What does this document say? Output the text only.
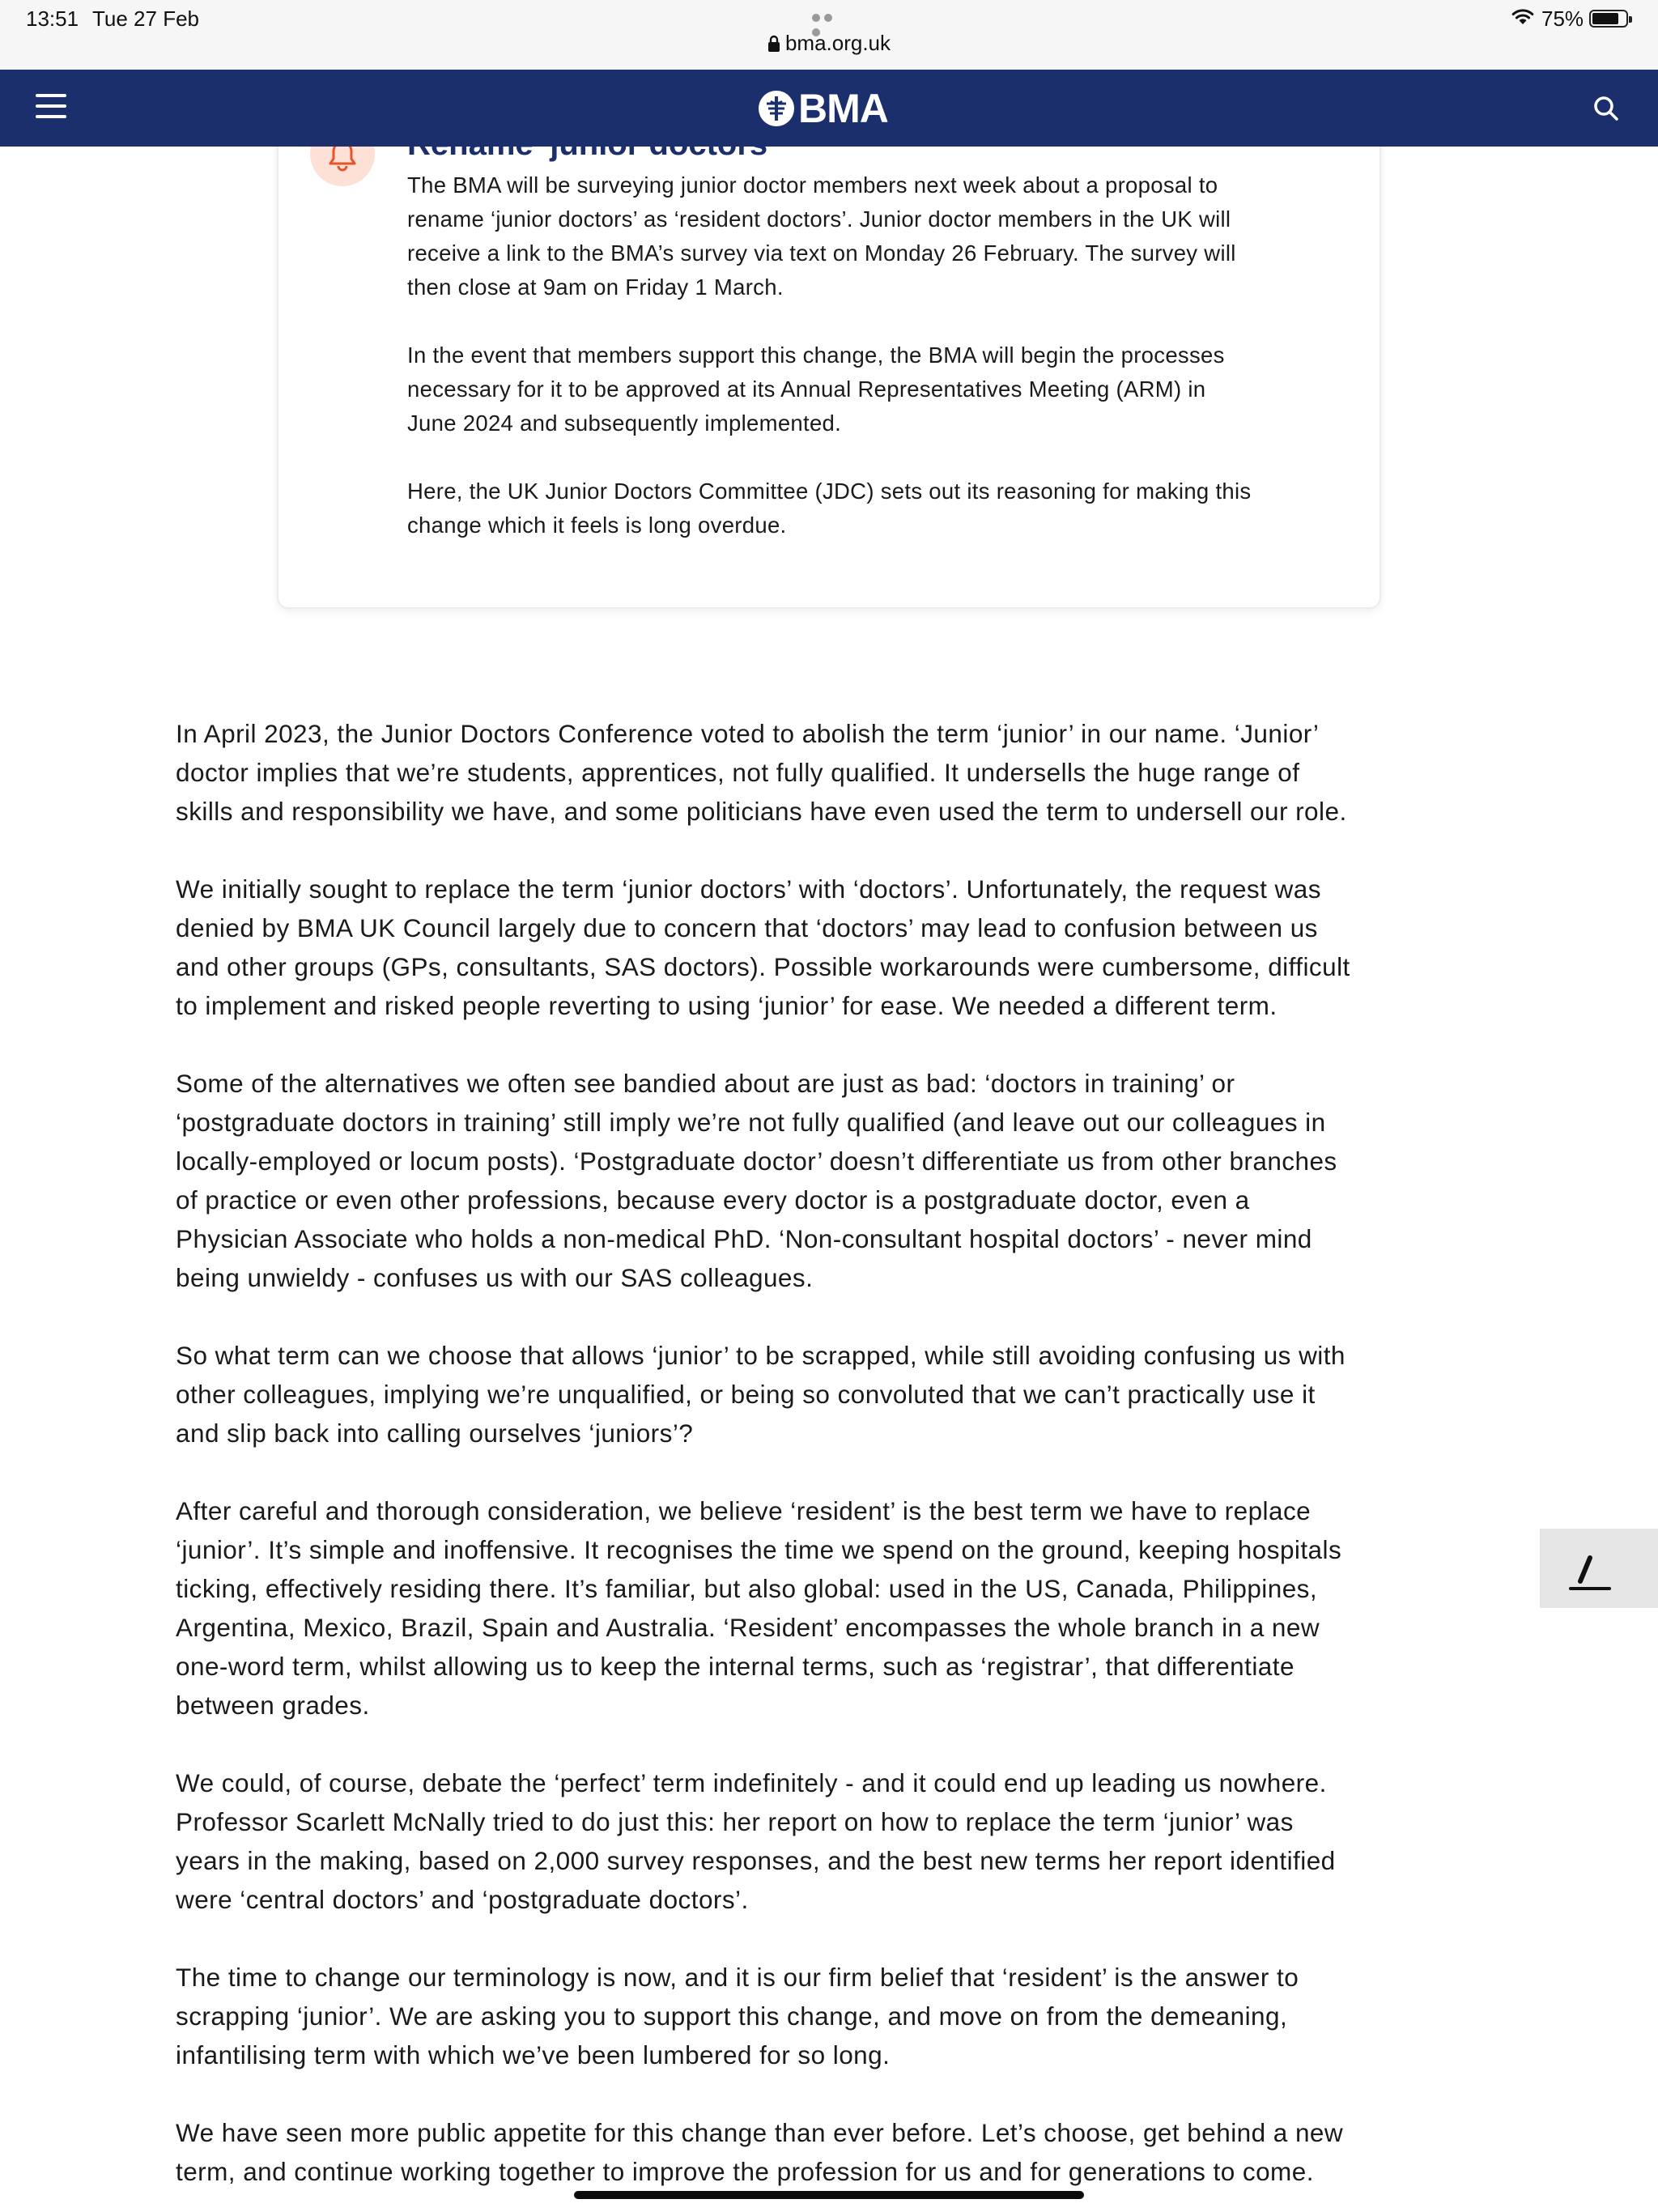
13:51 Tue 27 Feb
bma.org.uk
75%

The BMA will be surveying junior doctor members next week about a proposal to
rename ‘junior doctors’ as ‘resident doctors’. Junior doctor members in the UK will
receive a link to the BMA’s survey via text on Monday 26 February. The survey will
then close at 9am on Friday 1 March.

In the event that members support this change, the BMA will begin the processes
necessary for it to be approved at its Annual Representatives Meeting (ARM) in
June 2024 and subsequently implemented.

Here, the UK Junior Doctors Committee (JDC) sets out its reasoning for making this
change which it feels is long overdue.

BMA

In April 2023, the Junior Doctors Conference voted to abolish the term ‘junior’ in our name. ‘Junior’
doctor implies that we’re students, apprentices, not fully qualified. It undersells the huge range of
skills and responsibility we have, and some politicians have even used the term to undersell our role.

We initially sought to replace the term ‘junior doctors’ with ‘doctors’. Unfortunately, the request was
denied by BMA UK Council largely due to concern that ‘doctors’ may lead to confusion between us
and other groups (GPs, consultants, SAS doctors). Possible workarounds were cumbersome, difficult
to implement and risked people reverting to using ‘junior’ for ease. We needed a different term.

Some of the alternatives we often see bandied about are just as bad: ‘doctors in training’ or
‘postgraduate doctors in training’ still imply we’re not fully qualified (and leave out our colleagues in
locally-employed or locum posts). ‘Postgraduate doctor’ doesn’t differentiate us from other branches
of practice or even other professions, because every doctor is a postgraduate doctor, even a
Physician Associate who holds a non-medical PhD. ‘Non-consultant hospital doctors’ - never mind
being unwieldy - confuses us with our SAS colleagues.

So what term can we choose that allows ‘junior’ to be scrapped, while still avoiding confusing us with
other colleagues, implying we’re unqualified, or being so convoluted that we can’t practically use it
and slip back into calling ourselves ‘juniors’?

After careful and thorough consideration, we believe ‘resident’ is the best term we have to replace
‘junior’. It’s simple and inoffensive. It recognises the time we spend on the ground, keeping hospitals
ticking, effectively residing there. It’s familiar, but also global: used in the US, Canada, Philippines,
Argentina, Mexico, Brazil, Spain and Australia. ‘Resident’ encompasses the whole branch in a new
one-word term, whilst allowing us to keep the internal terms, such as ‘registrar’, that differentiate
between grades.

We could, of course, debate the ‘perfect’ term indefinitely - and it could end up leading us nowhere.
Professor Scarlett McNally tried to do just this: her report on how to replace the term ‘junior’ was
years in the making, based on 2,000 survey responses, and the best new terms her report identified
were ‘central doctors’ and ‘postgraduate doctors’.

The time to change our terminology is now, and it is our firm belief that ‘resident’ is the answer to
scrapping ‘junior’. We are asking you to support this change, and move on from the demeaning,
infantilising term with which we’ve been lumbered for so long.

We have seen more public appetite for this change than ever before. Let’s choose, get behind a new
term, and continue working together to improve the profession for us and for generations to come.
